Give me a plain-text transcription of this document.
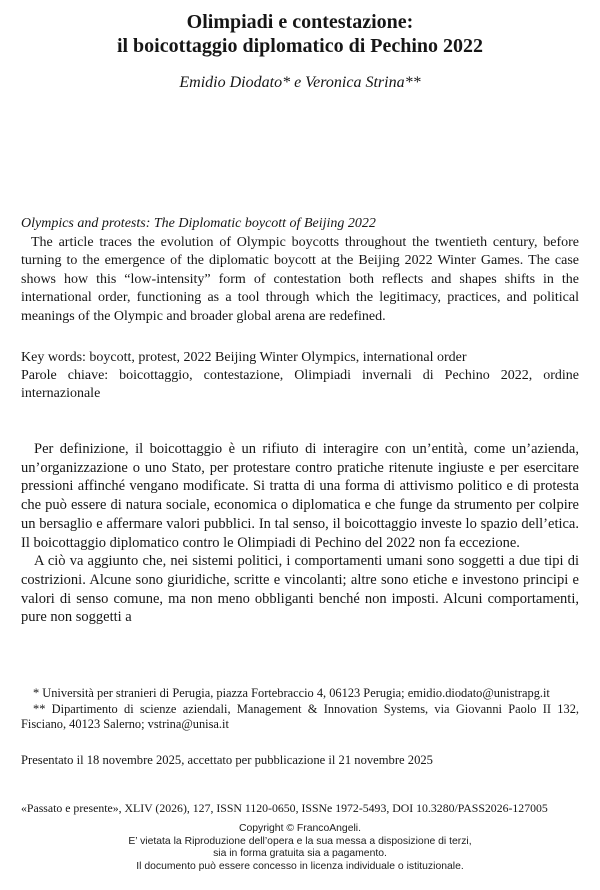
Olimpiadi e contestazione:
il boicottaggio diplomatico di Pechino 2022
Emidio Diodato* e Veronica Strina**

Olympics and protests: The Diplomatic boycott of Beijing 2022

The article traces the evolution of Olympic boycotts throughout the twentieth century, before turning to the emergence of the diplomatic boycott at the Beijing 2022 Winter Games. The case shows how this “low-intensity” form of contestation both reflects and shapes shifts in the international order, functioning as a tool through which the legitimacy, practices, and political meanings of the Olympic and broader global arena are redefined.

Key words: boycott, protest, 2022 Beijing Winter Olympics, international order

Parole chiave: boicottaggio, contestazione, Olimpiadi invernali di Pechino 2022, ordine internazionale

Per definizione, il boicottaggio è un rifiuto di interagire con un’entità, come un’azienda, un’organizzazione o uno Stato, per protestare contro pratiche ritenute ingiuste e per esercitare pressioni affinché vengano modificate. Si tratta di una forma di attivismo politico e di protesta che può essere di natura sociale, economica o diplomatica e che funge da strumento per colpire un bersaglio e affermare valori pubblici. In tal senso, il boicottaggio investe lo spazio dell’etica. Il boicottaggio diplomatico contro le Olimpiadi di Pechino del 2022 non fa eccezione.

A ciò va aggiunto che, nei sistemi politici, i comportamenti umani sono soggetti a due tipi di costrizioni. Alcune sono giuridiche, scritte e vincolanti; altre sono etiche e investono principi e valori di senso comune, ma non meno obbliganti benché non imposti. Alcuni comportamenti, pure non soggetti a

* Università per stranieri di Perugia, piazza Fortebraccio 4, 06123 Perugia; emidio.diodato@unistrapg.it

** Dipartimento di scienze aziendali, Management & Innovation Systems, via Giovanni Paolo II 132, Fisciano, 40123 Salerno; vstrina@unisa.it

Presentato il 18 novembre 2025, accettato per pubblicazione il 21 novembre 2025
«Passato e presente», XLIV (2026), 127, ISSN 1120-0650, ISSNe 1972-5493, DOI 10.3280/PASS2026-127005
Copyright © FrancoAngeli.
E’ vietata la Riproduzione dell’opera e la sua messa a disposizione di terzi,
sia in forma gratuita sia a pagamento.
Il documento può essere concesso in licenza individuale o istituzionale.
